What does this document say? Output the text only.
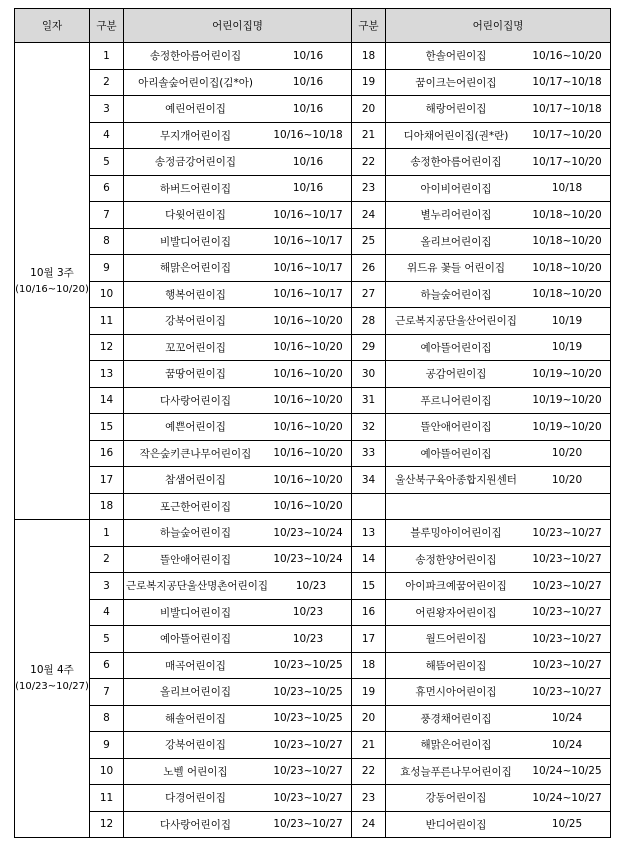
일자	구분	어린이집명	구분	어린이집명
10월 3주
(10/16~10/20)	1	송정한아름어린이집 10/16	18	한솔어린이집 10/16~10/20

	2	아리솔숲어린이집(김*아) 10/16	19	꿈이크는어린이집 10/17~10/18

	3	예린어린이집 10/16	20	해랑어린이집 10/17~10/18

	4	무지개어린이집 10/16~10/18	21	디아채어린이집(권*란) 10/17~10/20

	5	송정금강어린이집 10/16	22	송정한아름어린이집 10/17~10/20

	6	하버드어린이집 10/16	23	아이비어린이집 10/18

	7	다윗어린이집 10/16~10/17	24	별누리어린이집 10/18~10/20

	8	비발디어린이집 10/16~10/17	25	올리브어린이집 10/18~10/20

	9	해맑은어린이집 10/16~10/17	26	위드유 꽃들 어린이집 10/18~10/20

	10	행복어린이집 10/16~10/17	27	하늘숲어린이집 10/18~10/20

	11	강북어린이집 10/16~10/20	28	근로복지공단울산어린이집 10/19

	12	꼬꼬어린이집 10/16~10/20	29	예아뜰어린이집 10/19

	13	꿈땅어린이집 10/16~10/20	30	공감어린이집 10/19~10/20

	14	다사랑어린이집 10/16~10/20	31	푸르니어린이집 10/19~10/20

	15	예쁜어린이집 10/16~10/20	32	뜰안애어린이집 10/19~10/20

	16	작은숲키큰나무어린이집 10/16~10/20	33	예아뜰어린이집 10/20

	17	참샘어린이집 10/16~10/20	34	울산북구육아종합지원센터 10/20

	18	포근한어린이집 10/16~10/20		

10월 4주
(10/23~10/27)	1	하늘숲어린이집 10/23~10/24	13	블루밍아이어린이집 10/23~10/27

	2	뜰안애어린이집 10/23~10/24	14	송정한양어린이집 10/23~10/27

	3	근로복지공단울산명촌어린이집 10/23	15	아이파크예꿈어린이집 10/23~10/27

	4	비발디어린이집 10/23	16	어린왕자어린이집 10/23~10/27

	5	예아뜰어린이집 10/23	17	월드어린이집 10/23~10/27

	6	매곡어린이집 10/23~10/25	18	해뜸어린이집 10/23~10/27

	7	올리브어린이집 10/23~10/25	19	휴먼시아어린이집 10/23~10/27

	8	해솔어린이집 10/23~10/25	20	풍경채어린이집 10/24

	9	강북어린이집 10/23~10/27	21	해맑은어린이집 10/24

	10	노벨 어린이집 10/23~10/27	22	효성늘푸른나무어린이집 10/24~10/25

	11	다경어린이집 10/23~10/27	23	강동어린이집 10/24~10/27

	12	다사랑어린이집 10/23~10/27	24	반디어린이집 10/25
